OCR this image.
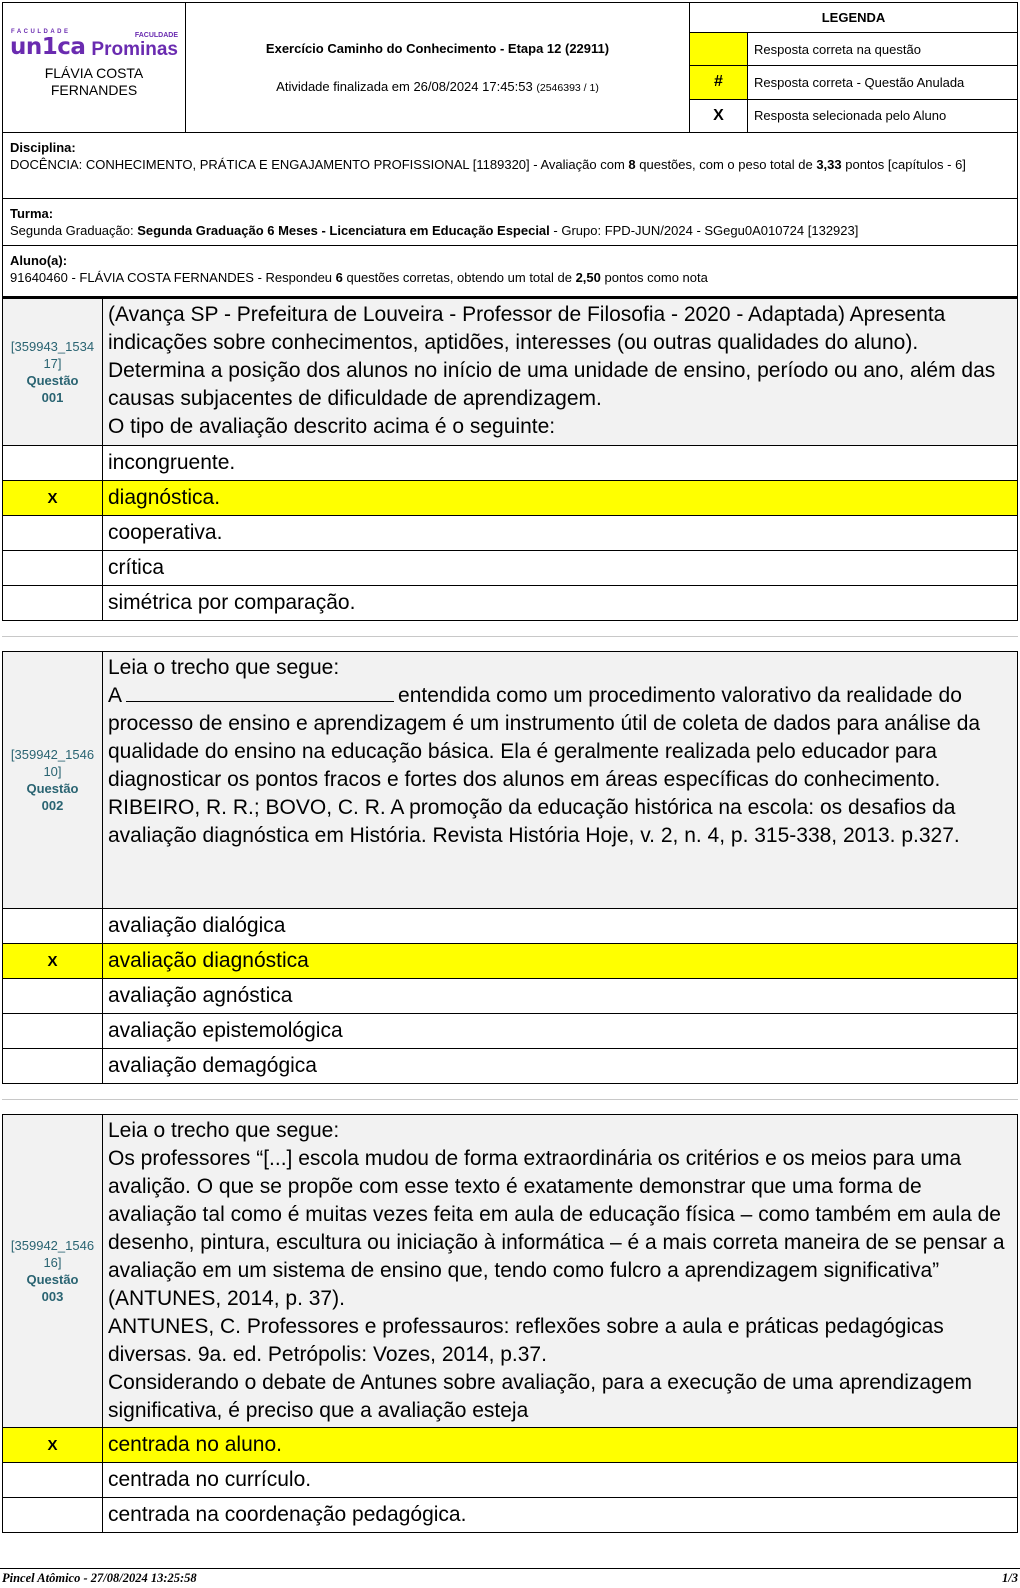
FACULDADE
un1ca	FACULDADE
Prominas
FLÁVIA COSTA
FERNANDES
Exercício Caminho do Conhecimento - Etapa 12 (22911)
Atividade finalizada em 26/08/2024 17:45:53 (2546393 / 1)
LEGENDA
Resposta correta na questão
#	Resposta correta - Questão Anulada
X	Resposta selecionada pelo Aluno
Disciplina:
DOCÊNCIA: CONHECIMENTO, PRÁTICA E ENGAJAMENTO PROFISSIONAL [1189320] - Avaliação com 8 questões, com o peso total de 3,33 pontos [capítulos - 6]
Turma:
Segunda Graduação: Segunda Graduação 6 Meses - Licenciatura em Educação Especial - Grupo: FPD-JUN/2024 - SGegu0A010724 [132923]
Aluno(a):
91640460 - FLÁVIA COSTA FERNANDES - Respondeu 6 questões corretas, obtendo um total de 2,50 pontos como nota
[359943_1534
17]
Questão
001
(Avança SP - Prefeitura de Louveira - Professor de Filosofia - 2020 - Adaptada) Apresenta indicações sobre conhecimentos, aptidões, interesses (ou outras qualidades do aluno). Determina a posição dos alunos no início de uma unidade de ensino, período ou ano, além das causas subjacentes de dificuldade de aprendizagem.
O tipo de avaliação descrito acima é o seguinte:
incongruente.
X	diagnóstica.
cooperativa.
crítica
simétrica por comparação.
[359942_1546
10]
Questão
002
Leia o trecho que segue:
A	entendida como um procedimento valorativo da realidade do processo de ensino e aprendizagem é um instrumento útil de coleta de dados para análise da qualidade do ensino na educação básica. Ela é geralmente realizada pelo educador para diagnosticar os pontos fracos e fortes dos alunos em áreas específicas do conhecimento.
RIBEIRO, R. R.; BOVO, C. R. A promoção da educação histórica na escola: os desafios da avaliação diagnóstica em História. Revista História Hoje, v. 2, n. 4, p. 315-338, 2013. p.327.
avaliação dialógica
X	avaliação diagnóstica
avaliação agnóstica
avaliação epistemológica
avaliação demagógica
[359942_1546
16]
Questão
003
Leia o trecho que segue:
Os professores “[...] escola mudou de forma extraordinária os critérios e os meios para uma avalição. O que se propõe com esse texto é exatamente demonstrar que uma forma de avaliação tal como é muitas vezes feita em aula de educação física – como também em aula de desenho, pintura, escultura ou iniciação à informática – é a mais correta maneira de se pensar a avaliação em um sistema de ensino que, tendo como fulcro a aprendizagem significativa” (ANTUNES, 2014, p. 37).
ANTUNES, C. Professores e professauros: reflexões sobre a aula e práticas pedagógicas diversas. 9a. ed. Petrópolis: Vozes, 2014, p.37.
Considerando o debate de Antunes sobre avaliação, para a execução de uma aprendizagem significativa, é preciso que a avaliação esteja
X	centrada no aluno.
centrada no currículo.
centrada na coordenação pedagógica.
Pincel Atômico - 27/08/2024 13:25:58	1/3
